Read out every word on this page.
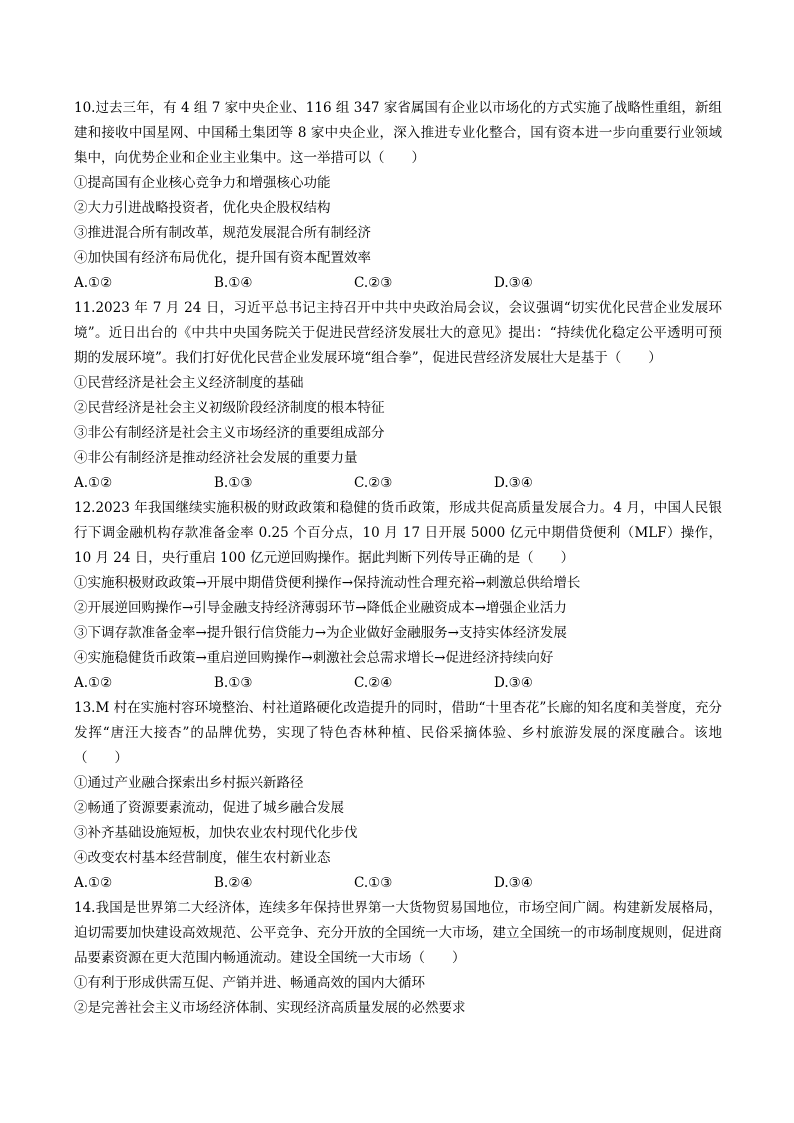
10.过去三年，有 4 组 7 家中央企业、116 组 347 家省属国有企业以市场化的方式实施了战略性重组，新组建和接收中国星网、中国稀土集团等 8 家中央企业，深入推进专业化整合，国有资本进一步向重要行业领域集中，向优势企业和企业主业集中。这一举措可以（　　）
①提高国有企业核心竞争力和增强核心功能
②大力引进战略投资者，优化央企股权结构
③推进混合所有制改革，规范发展混合所有制经济
④加快国有经济布局优化，提升国有资本配置效率
A.①②	B.①④	C.②③	D.③④
11.2023 年 7 月 24 日，习近平总书记主持召开中共中央政治局会议，会议强调“切实优化民营企业发展环境”。近日出台的《中共中央国务院关于促进民营经济发展壮大的意见》提出：“持续优化稳定公平透明可预期的发展环境”。我们打好优化民营企业发展环境“组合拳”，促进民营经济发展壮大是基于（　　）
①民营经济是社会主义经济制度的基础
②民营经济是社会主义初级阶段经济制度的根本特征
③非公有制经济是社会主义市场经济的重要组成部分
④非公有制经济是推动经济社会发展的重要力量
A.①②	B.①③	C.②③	D.③④
12.2023 年我国继续实施积极的财政政策和稳健的货币政策，形成共促高质量发展合力。4 月，中国人民银行下调金融机构存款准备金率 0.25 个百分点，10 月 17 日开展 5000 亿元中期借贷便利（MLF）操作，10 月 24 日，央行重启 100 亿元逆回购操作。据此判断下列传导正确的是（　　）
①实施积极财政政策→开展中期借贷便利操作→保持流动性合理充裕→刺激总供给增长
②开展逆回购操作→引导金融支持经济薄弱环节→降低企业融资成本→增强企业活力
③下调存款准备金率→提升银行信贷能力→为企业做好金融服务→支持实体经济发展
④实施稳健货币政策→重启逆回购操作→刺激社会总需求增长→促进经济持续向好
A.①②	B.①③	C.②④	D.③④
13.M 村在实施村容环境整治、村社道路硬化改造提升的同时，借助“十里杏花”长廊的知名度和美誉度，充分发挥“唐汪大接杏”的品牌优势，实现了特色杏林种植、民俗采摘体验、乡村旅游发展的深度融合。该地（　　）
①通过产业融合探索出乡村振兴新路径
②畅通了资源要素流动，促进了城乡融合发展
③补齐基础设施短板，加快农业农村现代化步伐
④改变农村基本经营制度，催生农村新业态
A.①②	B.②④	C.①③	D.③④
14.我国是世界第二大经济体，连续多年保持世界第一大货物贸易国地位，市场空间广阔。构建新发展格局，迫切需要加快建设高效规范、公平竞争、充分开放的全国统一大市场，建立全国统一的市场制度规则，促进商品要素资源在更大范围内畅通流动。建设全国统一大市场（　　）
①有利于形成供需互促、产销并进、畅通高效的国内大循环
②是完善社会主义市场经济体制、实现经济高质量发展的必然要求
